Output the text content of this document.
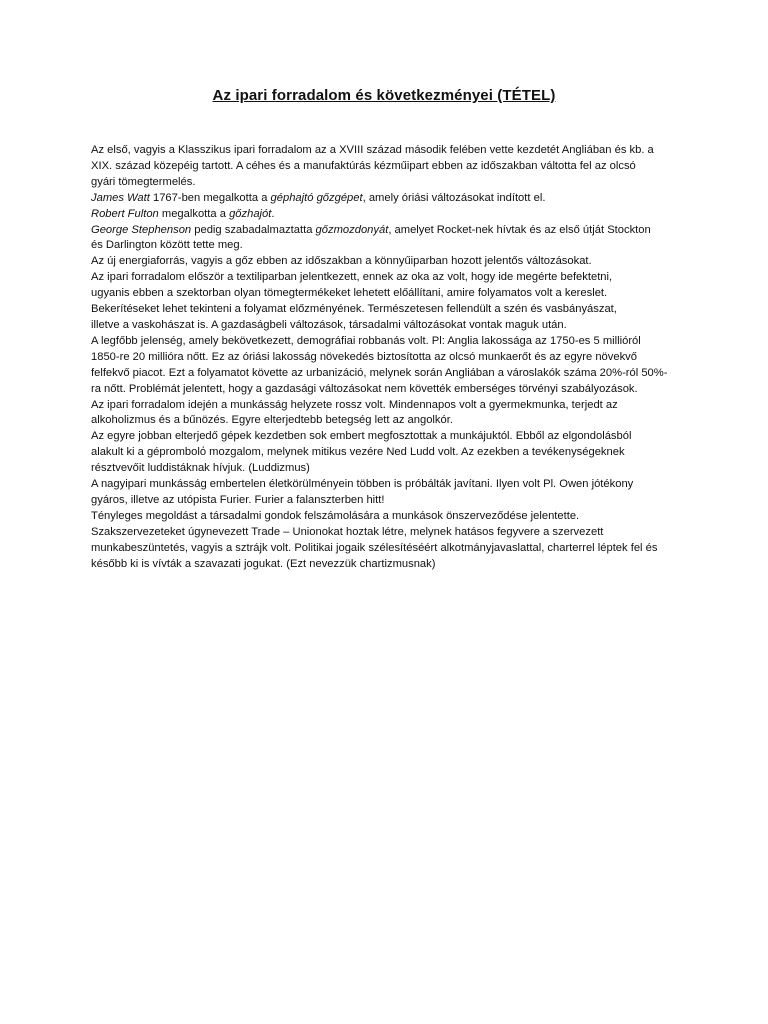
Az ipari forradalom és következményei (TÉTEL)
Az első, vagyis a Klasszikus ipari forradalom az a XVIII század második felében vette kezdetét Angliában és kb. a
XIX. század közepéig tartott. A céhes és a manufaktúrás kézműipart ebben az időszakban váltotta fel az olcsó
gyári tömegtermelés.
James Watt 1767-ben megalkotta a géphajtó gőzgépet, amely óriási változásokat indított el.
Robert Fulton megalkotta a gőzhajót.
George Stephenson pedig szabadalmaztatta gőzmozdonyát, amelyet Rocket-nek hívtak és az első útját Stockton
és Darlington között tette meg.
Az új energiaforrás, vagyis a gőz ebben az időszakban a könnyűiparban hozott jelentős változásokat.
Az ipari forradalom először a textiliparban jelentkezett, ennek az oka az volt, hogy ide megérte befektetni,
ugyanis ebben a szektorban olyan tömegtermékeket lehetett előállítani, amire folyamatos volt a kereslet.
Bekerítéseket lehet tekinteni a folyamat előzményének. Természetesen fellendült a szén és vasbányászat,
illetve a vaskohászat is. A gazdaságbeli változások, társadalmi változásokat vontak maguk után.
A legfőbb jelenség, amely bekövetkezett, demográfiai robbanás volt. Pl: Anglia lakossága az 1750-es 5 millióról
1850-re 20 millióra nőtt. Ez az óriási lakosság növekedés biztosította az olcsó munkaerőt és az egyre növekvő
felfekvő piacot. Ezt a folyamatot követte az urbanizáció, melynek során Angliában a városlakók száma 20%-ról 50%-
ra nőtt. Problémát jelentett, hogy a gazdasági változásokat nem követték emberséges törvényi szabályozások.
Az ipari forradalom idején a munkásság helyzete rossz volt. Mindennapos volt a gyermekmunka, terjedt az
alkoholizmus és a bűnözés. Egyre elterjedtebb betegség lett az angolkór.
Az egyre jobban elterjedő gépek kezdetben sok embert megfosztottak a munkájuktól. Ebből az elgondolásból
alakult ki a géprombolό mozgalom, melynek mitikus vezére Ned Ludd volt. Az ezekben a tevékenységeknek
résztvevőit luddistáknak hívjuk. (Luddizmus)
A nagyipari munkásság embertelen életkörülményein többen is próbálták javítani. Ilyen volt Pl. Owen jótékony
gyáros, illetve az utópista Furier. Furier a falanszterben hitt!
Tényleges megoldást a társadalmi gondok felszámolására a munkások önszerveződése jelentette.
Szakszervezeteket úgynevezett Trade – Unionokat hoztak létre, melynek hatásos fegyvere a szervezett
munkabeszüntetés, vagyis a sztrájk volt. Politikai jogaik szélesítéséért alkotmányjavaslattal, charterrel léptek fel és
később ki is vívták a szavazati jogukat. (Ezt nevezzük chartizmusnak)
